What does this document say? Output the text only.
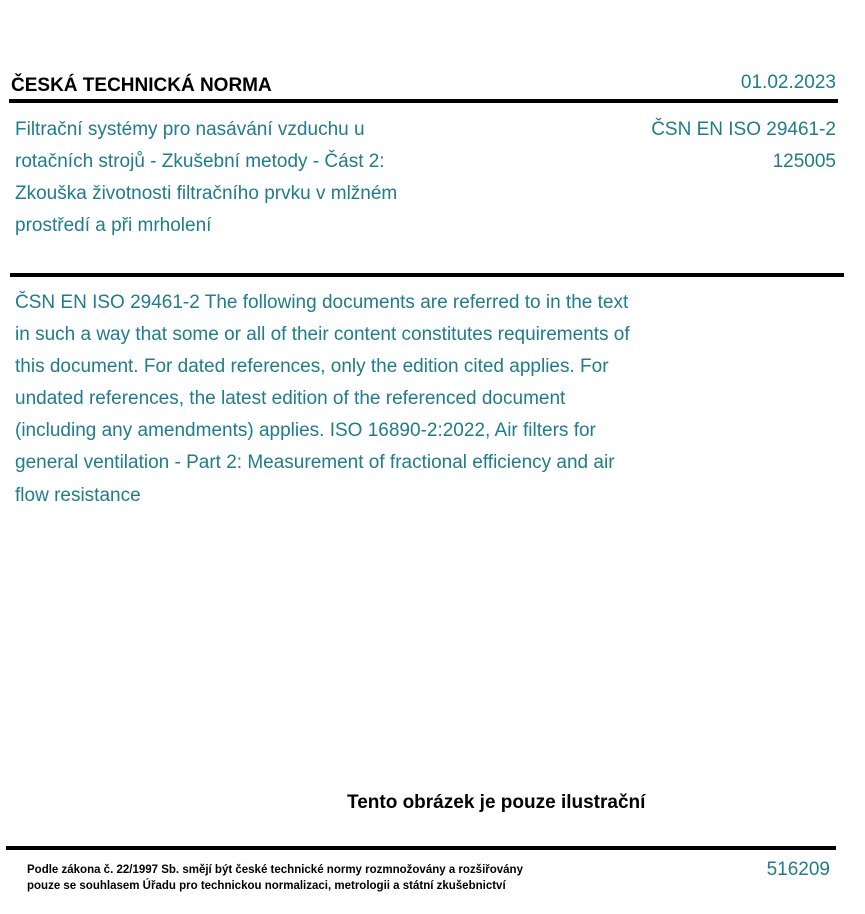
ČESKÁ TECHNICKÁ NORMA	01.02.2023
Filtrační systémy pro nasávání vzduchu u rotačních strojů - Zkušební metody - Část 2: Zkouška životnosti filtračního prvku v mlžném prostředí a při mrholení
ČSN EN ISO 29461-2
125005
ČSN EN ISO 29461-2 The following documents are referred to in the text in such a way that some or all of their content constitutes requirements of this document. For dated references, only the edition cited applies. For undated references, the latest edition of the referenced document (including any amendments) applies. ISO 16890-2:2022, Air filters for general ventilation - Part 2: Measurement of fractional efficiency and air flow resistance
Tento obrázek je pouze ilustrační
Podle zákona č. 22/1997 Sb. smějí být české technické normy rozmnožovány a rozšiřovány
pouze se souhlasem Úřadu pro technickou normalizaci, metrologii a státní zkušebnictví
516209
